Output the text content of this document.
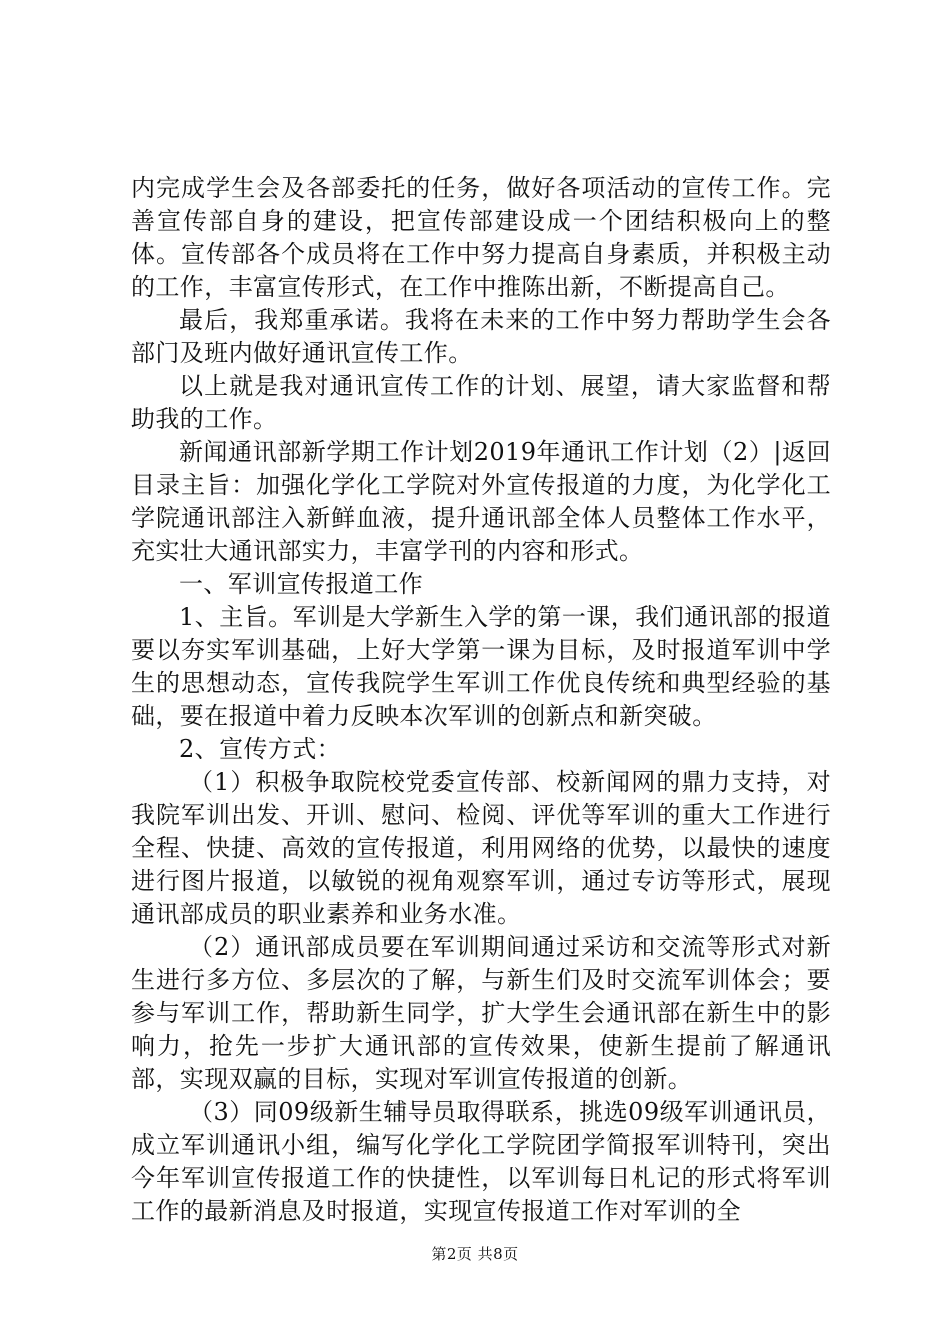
内完成学生会及各部委托的任务，做好各项活动的宣传工作。完善宣传部自身的建设，把宣传部建设成一个团结积极向上的整体。宣传部各个成员将在工作中努力提高自身素质，并积极主动的工作，丰富宣传形式，在工作中推陈出新，不断提高自己。

最后，我郑重承诺。我将在未来的工作中努力帮助学生会各部门及班内做好通讯宣传工作。

以上就是我对通讯宣传工作的计划、展望，请大家监督和帮助我的工作。

新闻通讯部新学期工作计划2019年通讯工作计划（2）|返回目录主旨：加强化学化工学院对外宣传报道的力度，为化学化工学院通讯部注入新鲜血液，提升通讯部全体人员整体工作水平，充实壮大通讯部实力，丰富学刊的内容和形式。

一、军训宣传报道工作

1、主旨。军训是大学新生入学的第一课，我们通讯部的报道要以夯实军训基础，上好大学第一课为目标，及时报道军训中学生的思想动态，宣传我院学生军训工作优良传统和典型经验的基础，要在报道中着力反映本次军训的创新点和新突破。

2、宣传方式：

（1）积极争取院校党委宣传部、校新闻网的鼎力支持，对我院军训出发、开训、慰问、检阅、评优等军训的重大工作进行全程、快捷、高效的宣传报道，利用网络的优势，以最快的速度进行图片报道，以敏锐的视角观察军训，通过专访等形式，展现通讯部成员的职业素养和业务水准。

（2）通讯部成员要在军训期间通过采访和交流等形式对新生进行多方位、多层次的了解，与新生们及时交流军训体会；要参与军训工作，帮助新生同学，扩大学生会通讯部在新生中的影响力，抢先一步扩大通讯部的宣传效果，使新生提前了解通讯部，实现双赢的目标，实现对军训宣传报道的创新。

（3）同09级新生辅导员取得联系，挑选09级军训通讯员，成立军训通讯小组，编写化学化工学院团学简报军训特刊，突出今年军训宣传报道工作的快捷性，以军训每日札记的形式将军训工作的最新消息及时报道，实现宣传报道工作对军训的全

第2页 共8页
